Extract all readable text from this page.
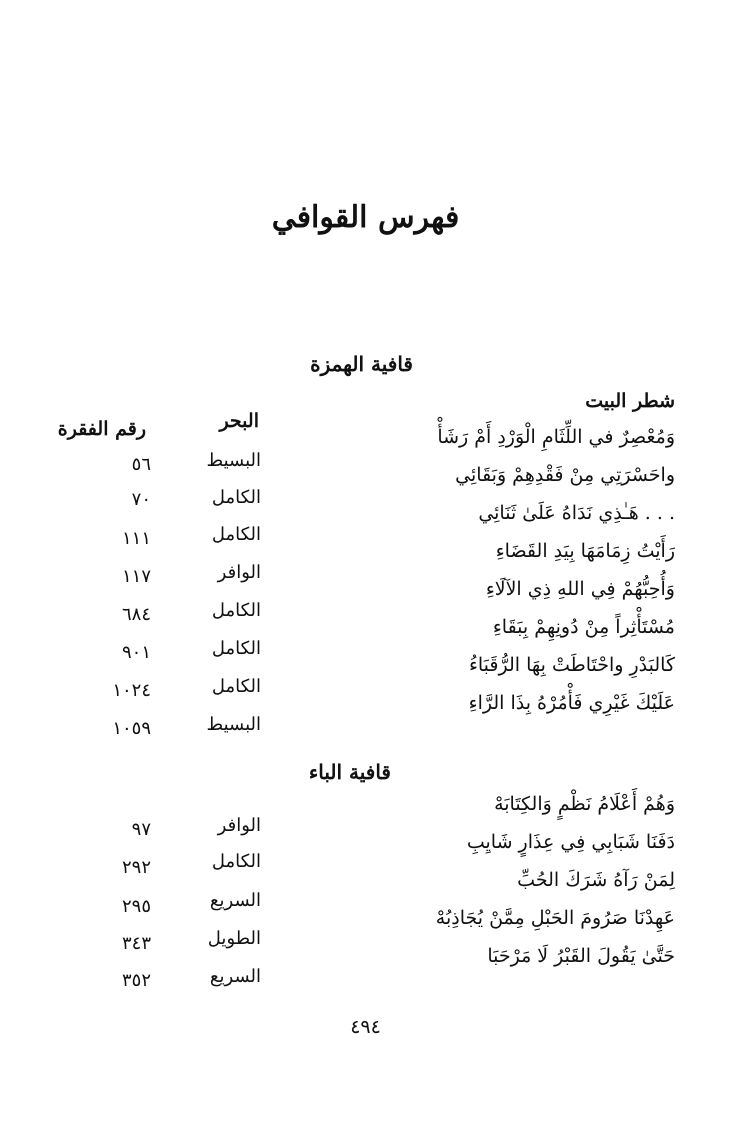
فهرس القوافي
قافية الهمزة
شطر البيت
البحر
رقم الفقرة	وَمُعْصِرٌ في اللِّثَامِ الْوَرْدِ أَمْ رَشَأْ
البسيط
٥٦	واحَسْرَتِي مِنْ فَقْدِهِمْ وَبَقَائِي
الكامل
٧٠
. . . هَـٰذِي نَدَاهُ عَلَىٰ ثَنَائِي
الكامل
١١١
رَأَيْتُ زِمَامَهَا بِيَدِ القَضَاءِ
الوافر
١١٧
وَأُحِبُّهُمْ فِي اللهِ ذِي الآلَاءِ
الكامل
٦٨٤
مُسْتَأْثِراً مِنْ دُونِهِمْ بِبَقَاءِ
الكامل
٩٠١
كَالبَدْرِ واحْتَاطَتْ بِهَا الرُّقَبَاءُ
الكامل
١٠٢٤
عَلَيْكَ غَيْرِي فَأْمُرْهُ بِذَا الرَّاءِ
البسيط
١٠٥٩
قافية الباء
وَهُمْ أَعْلَامُ نَظْمٍ وَالكِتَابَهْ
الوافر
٩٧
دَفَنَا شَبَابِي فِي عِذَارٍ شَايِبِ
الكامل
٢٩٢
لِمَنْ رَآهُ شَرَكَ الحُبِّ
السريع
٢٩٥
عَهِدْنَا صَرُومَ الحَبْلِ مِمَّنْ يُجَاذِبُهْ
الطويل
٣٤٣
حَتَّىٰ يَقُولَ القَبْرُ لَا مَرْحَبَا
السريع
٣٥٢
٤٩٤
